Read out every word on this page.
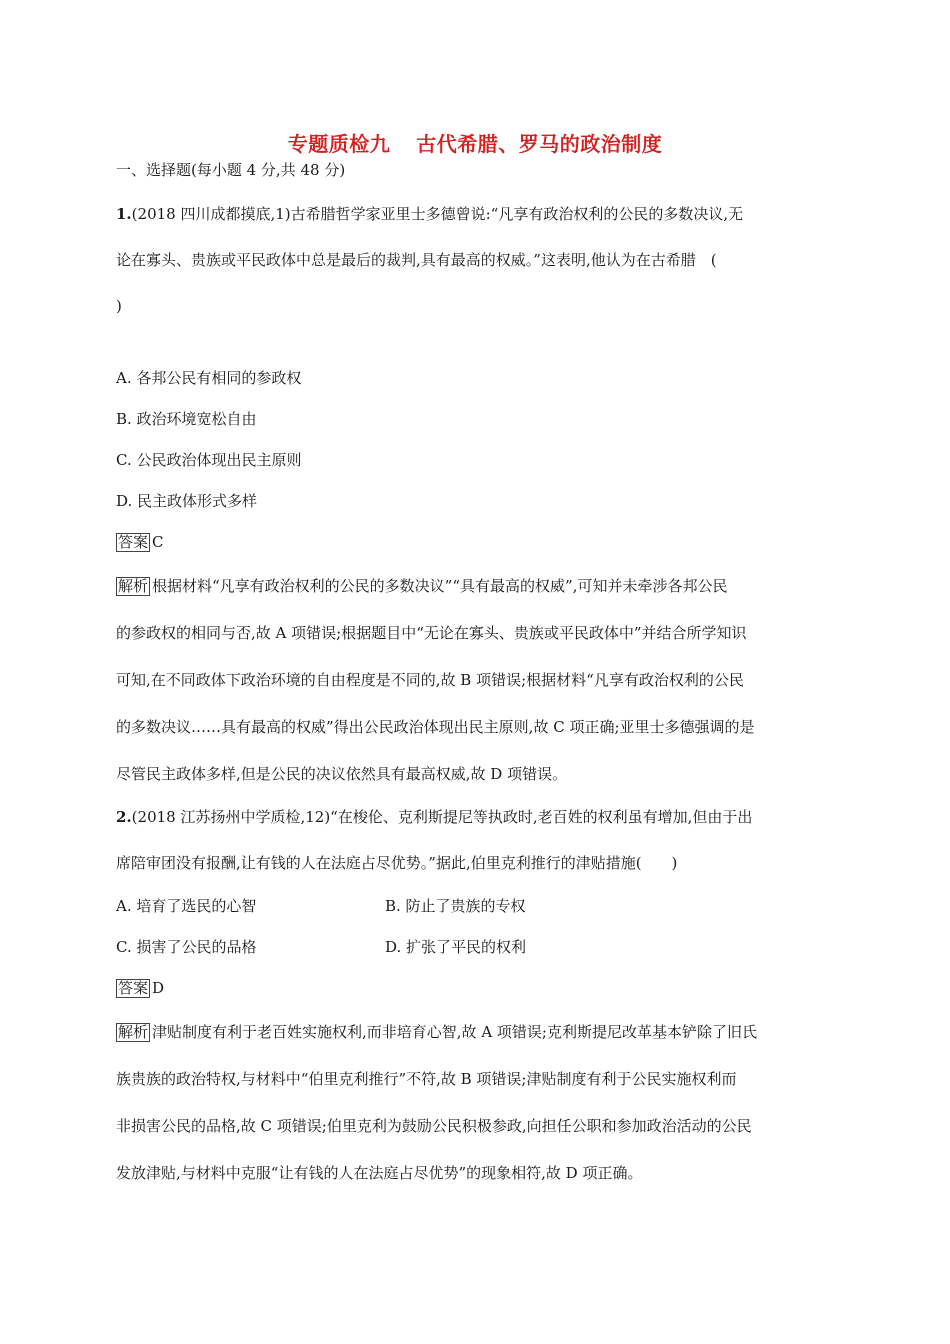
专题质检九 古代希腊、罗马的政治制度
一、选择题(每小题 4 分,共 48 分)
1.(2018 四川成都摸底,1)古希腊哲学家亚里士多德曾说:“凡享有政治权利的公民的多数决议,无
论在寡头、贵族或平民政体中总是最后的裁判,具有最高的权威。”这表明,他认为在古希腊　(
)
A. 各邦公民有相同的参政权
B. 政治环境宽松自由
C. 公民政治体现出民主原则
D. 民主政体形式多样
答案 C
解析 根据材料“凡享有政治权利的公民的多数决议”“具有最高的权威”,可知并未牵涉各邦公民
的参政权的相同与否,故 A 项错误;根据题目中“无论在寡头、贵族或平民政体中”并结合所学知识
可知,在不同政体下政治环境的自由程度是不同的,故 B 项错误;根据材料“凡享有政治权利的公民
的多数决议……具有最高的权威”得出公民政治体现出民主原则,故 C 项正确;亚里士多德强调的是
尽管民主政体多样,但是公民的决议依然具有最高权威,故 D 项错误。
2.(2018 江苏扬州中学质检,12)“在梭伦、克利斯提尼等执政时,老百姓的权利虽有增加,但由于出
席陪审团没有报酬,让有钱的人在法庭占尽优势。”据此,伯里克利推行的津贴措施(　　)
A. 培育了选民的心智	B. 防止了贵族的专权
C. 损害了公民的品格	D. 扩张了平民的权利
答案 D
解析 津贴制度有利于老百姓实施权利,而非培育心智,故 A 项错误;克利斯提尼改革基本铲除了旧氏
族贵族的政治特权,与材料中“伯里克利推行”不符,故 B 项错误;津贴制度有利于公民实施权利而
非损害公民的品格,故 C 项错误;伯里克利为鼓励公民积极参政,向担任公职和参加政治活动的公民
发放津贴,与材料中克服“让有钱的人在法庭占尽优势”的现象相符,故 D 项正确。
